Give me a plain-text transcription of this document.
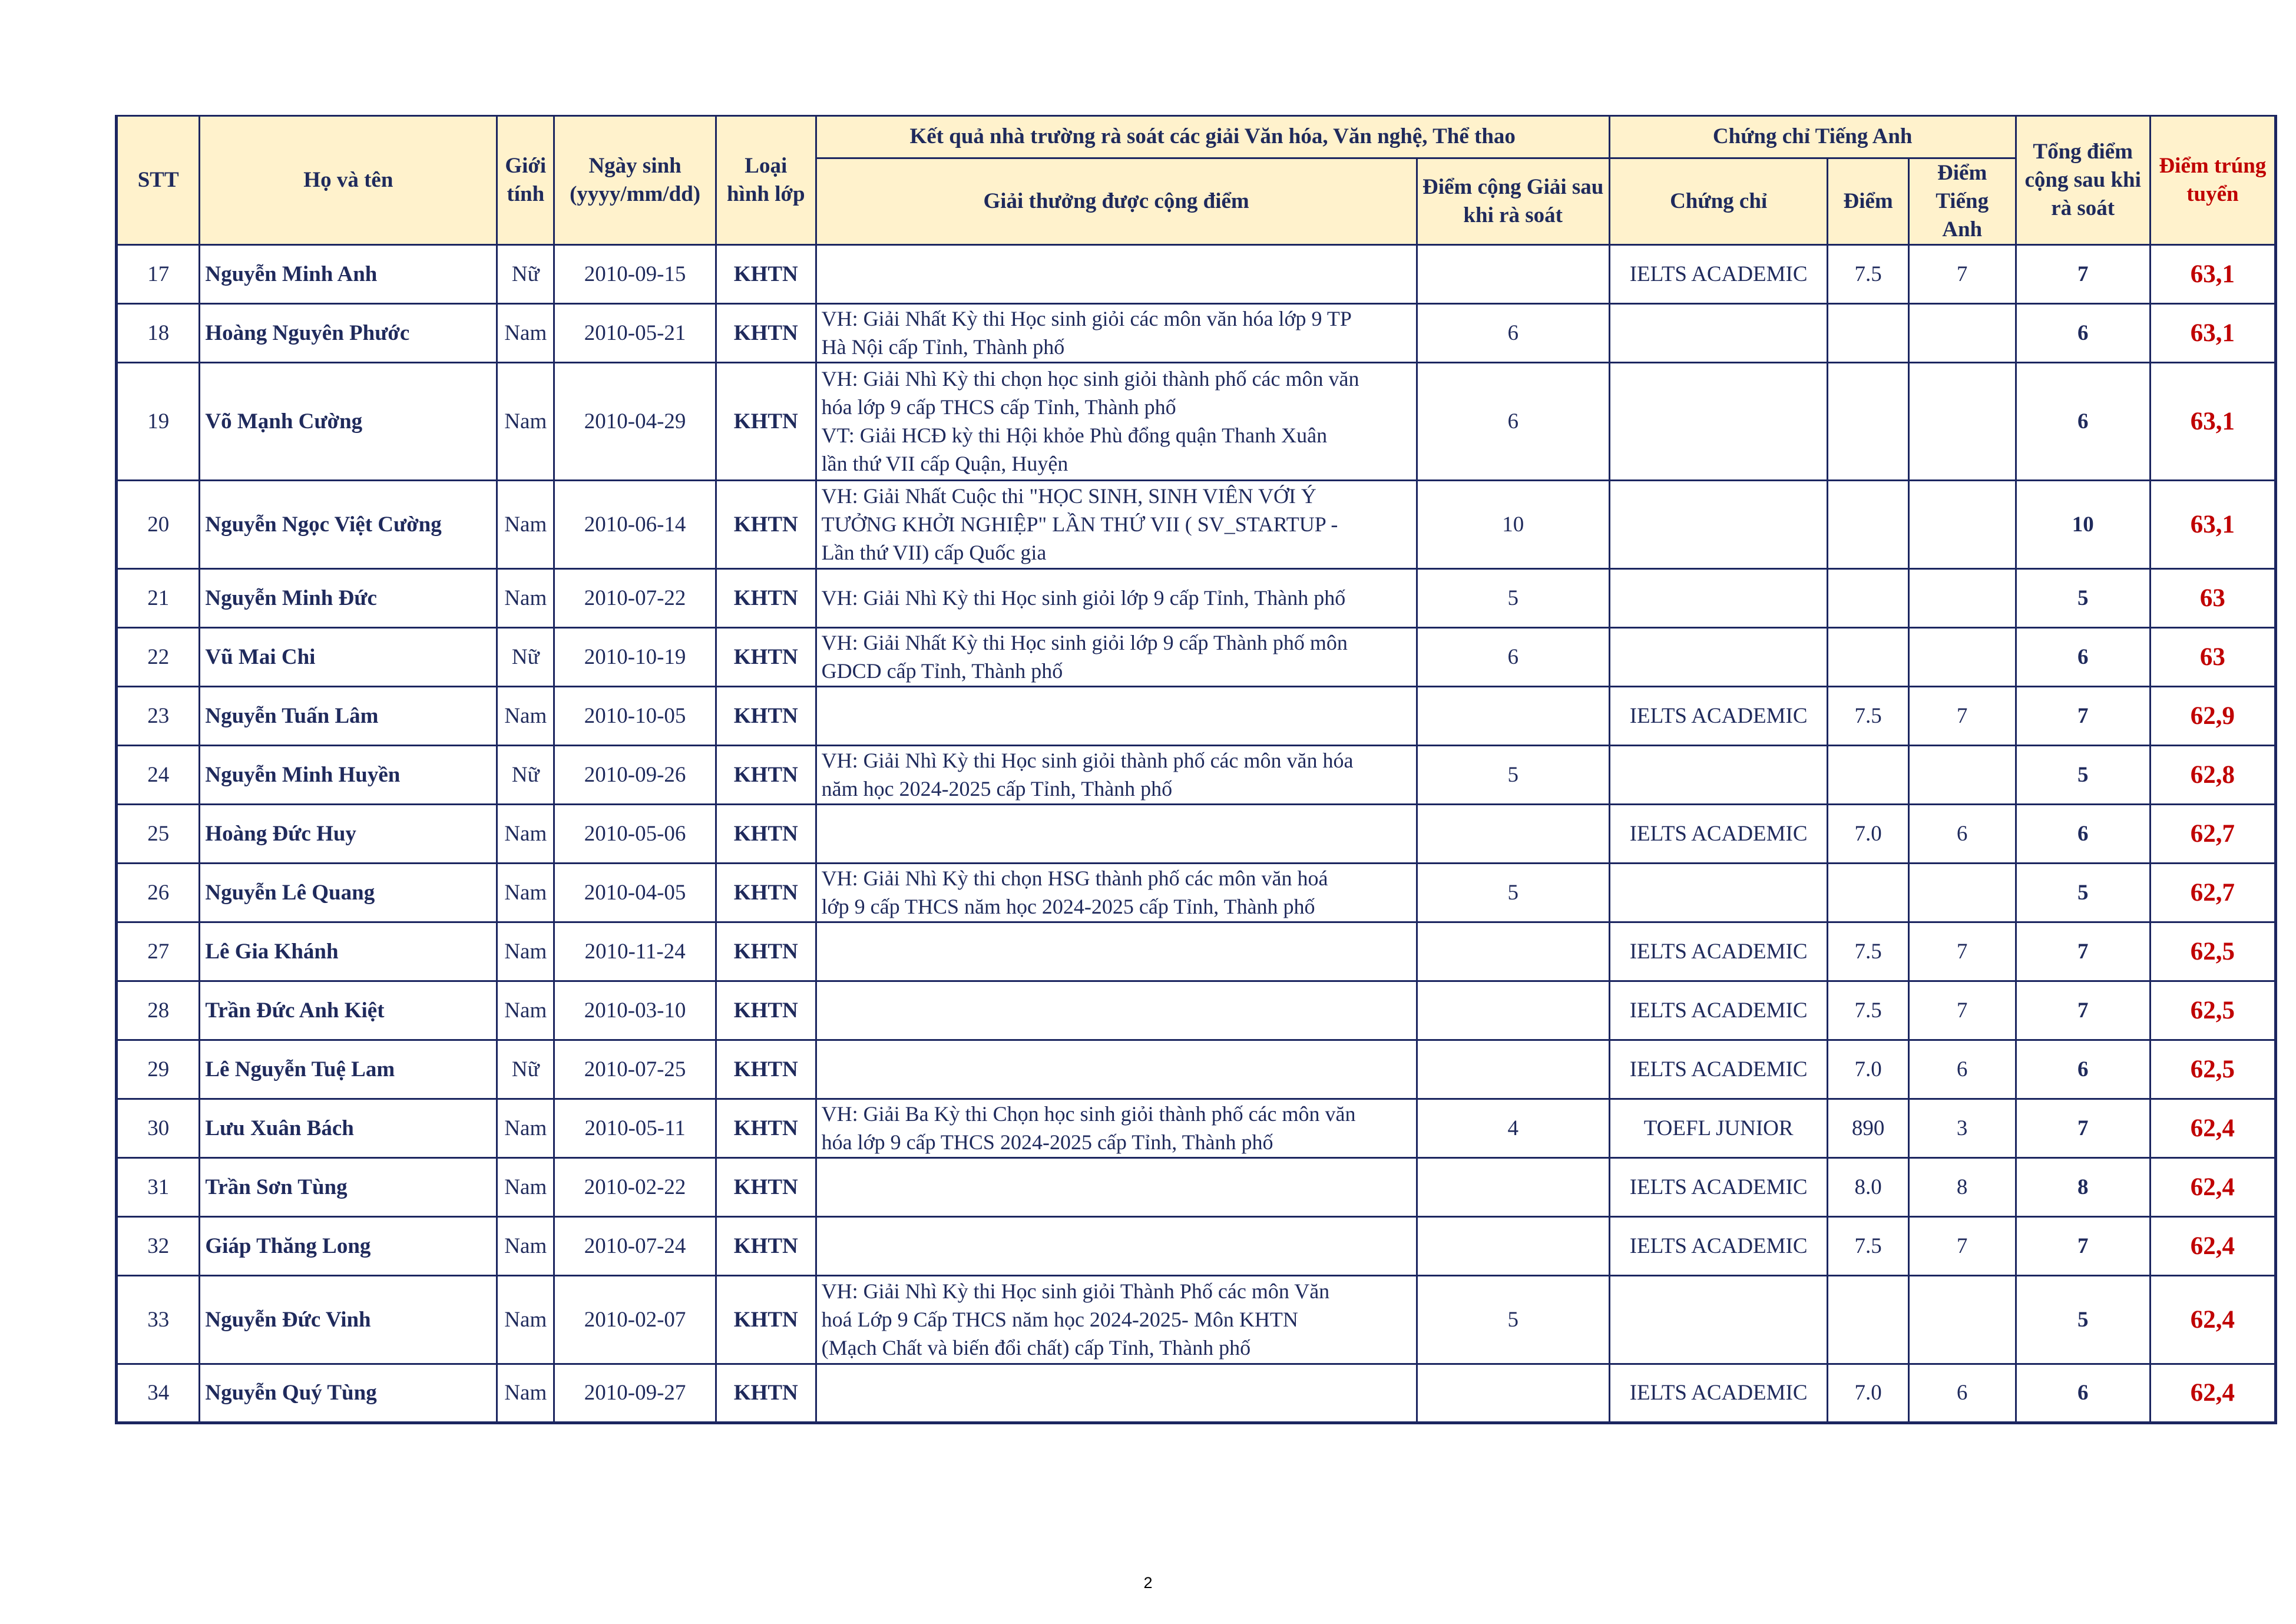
STT	Họ và tên	Giới tính	Ngày sinh (yyyy/mm/dd)	Loại hình lớp	Kết quả nhà trường rà soát các giải Văn hóa, Văn nghệ, Thể thao		Chứng chỉ Tiếng Anh			Tổng điểm cộng sau khi rà soát	Điểm trúng tuyển
					Giải thưởng được cộng điểm	Điểm cộng Giải sau khi rà soát	Chứng chỉ	Điểm	Điểm Tiếng Anh		
17	Nguyễn Minh Anh	Nữ	2010-09-15	KHTN			IELTS ACADEMIC	7.5	7	7	63,1
18	Hoàng Nguyên Phước	Nam	2010-05-21	KHTN	VH: Giải Nhất Kỳ thi Học sinh giỏi các môn văn hóa lớp 9 TP
Hà Nội cấp Tỉnh, Thành phố	6				6	63,1
19	Võ Mạnh Cường	Nam	2010-04-29	KHTN	VH: Giải Nhì Kỳ thi chọn học sinh giỏi thành phố các môn văn
hóa lớp 9 cấp THCS cấp Tỉnh, Thành phố
VT: Giải HCĐ kỳ thi Hội khỏe Phù đổng quận Thanh Xuân
lần thứ VII cấp Quận, Huyện	6				6	63,1
20	Nguyễn Ngọc Việt Cường	Nam	2010-06-14	KHTN	VH: Giải Nhất Cuộc thi "HỌC SINH, SINH VIÊN VỚI Ý
TƯỞNG KHỞI NGHIỆP" LẦN THỨ VII ( SV_STARTUP -
Lần thứ VII) cấp Quốc gia	10				10	63,1
21	Nguyễn Minh Đức	Nam	2010-07-22	KHTN	VH: Giải Nhì Kỳ thi Học sinh giỏi lớp 9 cấp Tỉnh, Thành phố	5				5	63
22	Vũ Mai Chi	Nữ	2010-10-19	KHTN	VH: Giải Nhất Kỳ thi Học sinh giỏi lớp 9 cấp Thành phố môn
GDCD cấp Tỉnh, Thành phố	6				6	63
23	Nguyễn Tuấn Lâm	Nam	2010-10-05	KHTN			IELTS ACADEMIC	7.5	7	7	62,9
24	Nguyễn Minh Huyền	Nữ	2010-09-26	KHTN	VH: Giải Nhì Kỳ thi Học sinh giỏi thành phố các môn văn hóa
năm học 2024-2025 cấp Tỉnh, Thành phố	5				5	62,8
25	Hoàng Đức Huy	Nam	2010-05-06	KHTN			IELTS ACADEMIC	7.0	6	6	62,7
26	Nguyễn Lê Quang	Nam	2010-04-05	KHTN	VH: Giải Nhì Kỳ thi chọn HSG thành phố các môn văn hoá
lớp 9 cấp THCS năm học 2024-2025 cấp Tỉnh, Thành phố	5				5	62,7
27	Lê Gia Khánh	Nam	2010-11-24	KHTN			IELTS ACADEMIC	7.5	7	7	62,5
28	Trần Đức Anh Kiệt	Nam	2010-03-10	KHTN			IELTS ACADEMIC	7.5	7	7	62,5
29	Lê Nguyễn Tuệ Lam	Nữ	2010-07-25	KHTN			IELTS ACADEMIC	7.0	6	6	62,5
30	Lưu Xuân Bách	Nam	2010-05-11	KHTN	VH: Giải Ba Kỳ thi Chọn học sinh giỏi thành phố các môn văn
hóa lớp 9 cấp THCS 2024-2025 cấp Tỉnh, Thành phố	4	TOEFL JUNIOR	890	3	7	62,4
31	Trần Sơn Tùng	Nam	2010-02-22	KHTN			IELTS ACADEMIC	8.0	8	8	62,4
32	Giáp Thăng Long	Nam	2010-07-24	KHTN			IELTS ACADEMIC	7.5	7	7	62,4
33	Nguyễn Đức Vinh	Nam	2010-02-07	KHTN	VH: Giải Nhì Kỳ thi Học sinh giỏi Thành Phố các môn Văn
hoá Lớp 9 Cấp THCS năm học 2024-2025- Môn KHTN
(Mạch Chất và biến đổi chất) cấp Tỉnh, Thành phố	5				5	62,4
34	Nguyễn Quý Tùng	Nam	2010-09-27	KHTN			IELTS ACADEMIC	7.0	6	6	62,4
2
